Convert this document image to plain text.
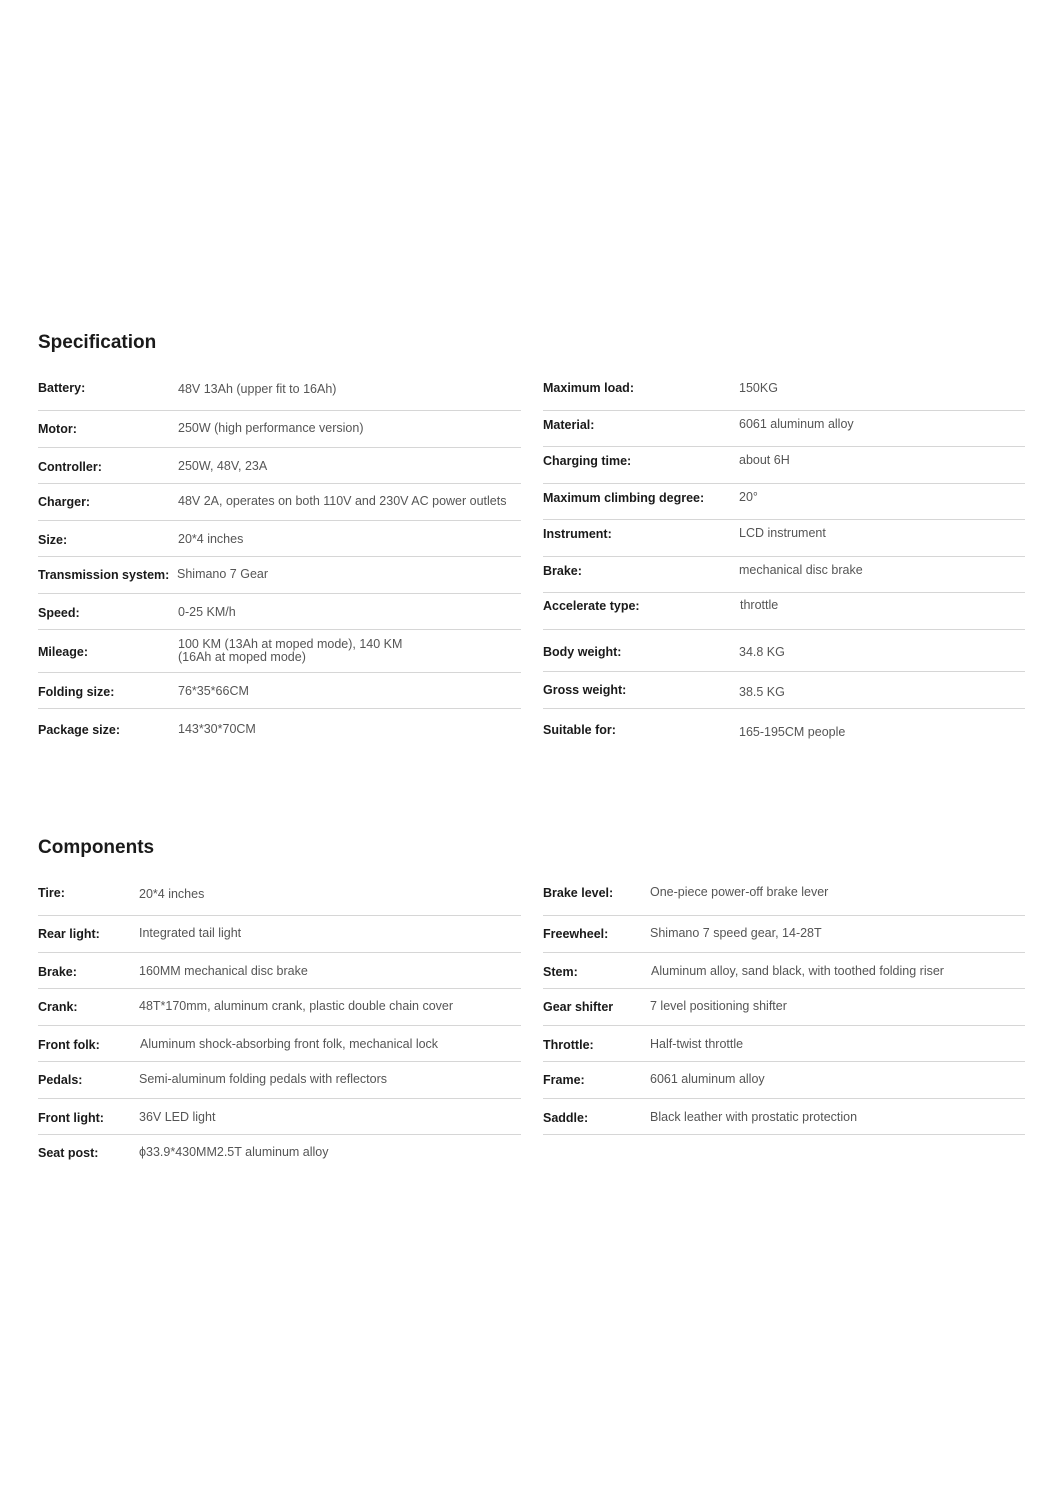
Specification
Battery:	48V 13Ah (upper fit to 16Ah)
Motor:	250W (high performance version)
Controller:	250W, 48V, 23A
Charger:	48V 2A, operates on both 110V and 230V AC power outlets
Size:	20*4 inches
Transmission system: Shimano 7 Gear
Speed:	0-25 KM/h
Mileage:
100 KM (13Ah at moped mode), 140 KM (16Ah at moped mode)
Folding size:	76*35*66CM
Package size:	143*30*70CM
Maximum load:	150KG
Material:	6061 aluminum alloy
Charging time:	about 6H
Maximum climbing degree:	20°
Instrument:	LCD instrument
Brake:	mechanical disc brake
Accelerate type:	throttle
Body weight:	34.8 KG
Gross weight:	38.5 KG
Suitable for:	165-195CM people
Components
Tire:	20*4 inches
Rear light:	Integrated tail light
Brake:	160MM mechanical disc brake
Crank:	48T*170mm, aluminum crank, plastic double chain cover
Front folk:	Aluminum shock-absorbing front folk, mechanical lock
Pedals:	Semi-aluminum folding pedals with reflectors
Front light:	36V LED light
Seat post:	ϕ33.9*430MM2.5T aluminum alloy
Brake level:	One-piece power-off brake lever
Freewheel:	Shimano 7 speed gear, 14-28T
Stem:	Aluminum alloy, sand black, with toothed folding riser
Gear shifter	7 level positioning shifter
Throttle:	Half-twist throttle
Frame:	6061 aluminum alloy
Saddle:	Black leather with prostatic protection
